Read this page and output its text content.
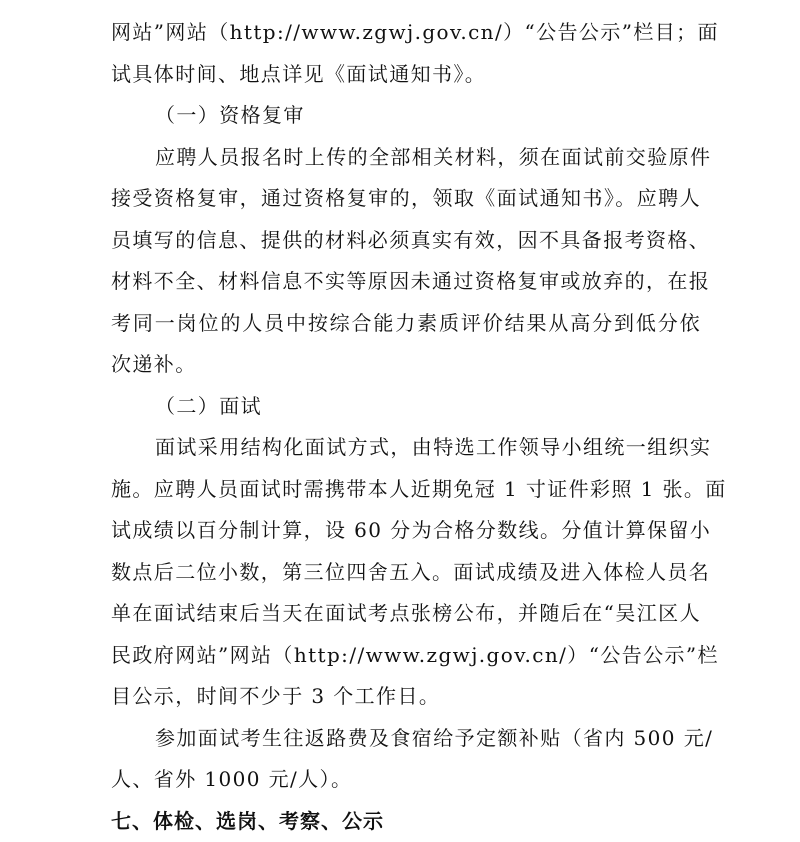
网站”网站（http://www.zgwj.gov.cn/）“公告公示”栏目；面
试具体时间、地点详见《面试通知书》。
（一）资格复审
应聘人员报名时上传的全部相关材料，须在面试前交验原件
接受资格复审，通过资格复审的，领取《面试通知书》。应聘人
员填写的信息、提供的材料必须真实有效，因不具备报考资格、
材料不全、材料信息不实等原因未通过资格复审或放弃的，在报
考同一岗位的人员中按综合能力素质评价结果从高分到低分依
次递补。
（二）面试
面试采用结构化面试方式，由特选工作领导小组统一组织实
施。应聘人员面试时需携带本人近期免冠 1 寸证件彩照 1 张。面
试成绩以百分制计算，设 60 分为合格分数线。分值计算保留小
数点后二位小数，第三位四舍五入。面试成绩及进入体检人员名
单在面试结束后当天在面试考点张榜公布，并随后在“吴江区人
民政府网站”网站（http://www.zgwj.gov.cn/）“公告公示”栏
目公示，时间不少于 3 个工作日。
参加面试考生往返路费及食宿给予定额补贴（省内 500 元/
人、省外 1000 元/人）。
七、体检、选岗、考察、公示
